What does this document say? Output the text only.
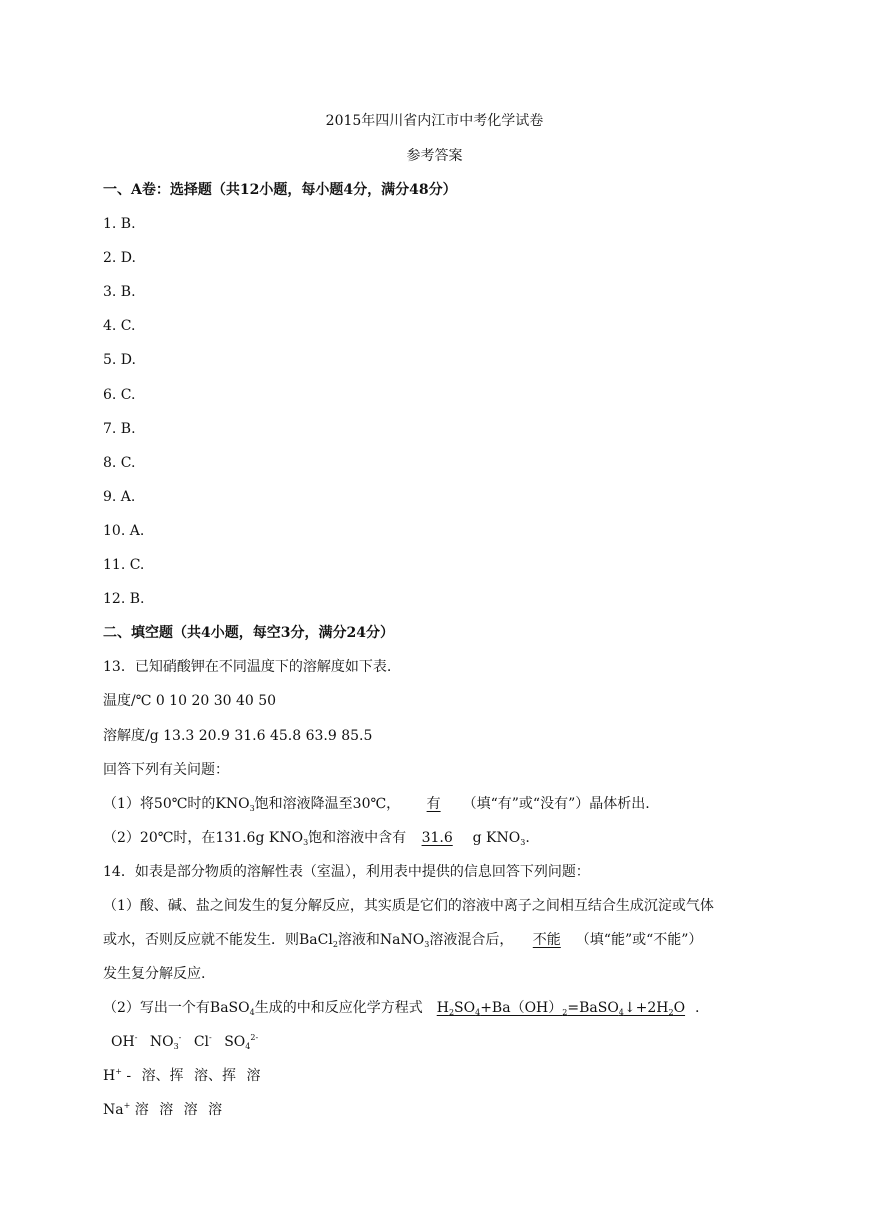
2015年四川省内江市中考化学试卷
参考答案
一、A卷：选择题（共12小题，每小题4分，满分48分）
1. B.
2. D.
3. B.
4. C.
5. D.
6. C.
7. B.
8. C.
9. A.
10. A.
11. C.
12. B.
二、填空题（共4小题，每空3分，满分24分）
13．已知硝酸钾在不同温度下的溶解度如下表.
温度/℃ 0 10 20 30 40 50
溶解度/g 13.3 20.9 31.6 45.8 63.9 85.5
回答下列有关问题：
（1）将50℃时的$KNO_3$饱和溶液降温至30℃， 有 （填“有”或“没有”）晶体析出.
（2）20℃时，在131.6g $KNO_3$饱和溶液中含有 31.6 g $KNO_3$.
14．如表是部分物质的溶解性表（室温），利用表中提供的信息回答下列问题：
（1）酸、碱、盐之间发生的复分解反应，其实质是它们的溶液中离子之间相互结合生成沉淀或气体
或水，否则反应就不能发生．则BaCl$_2$溶液和NaNO$_3$溶液混合后， 不能 （填“能”或“不能”）
发生复分解反应.
（2）写出一个有BaSO$_4$生成的中和反应化学方程式 $H_2SO_4+Ba(OH)_2=BaSO_4↓+2H_2O$ .
OH- $NO_3^-$ Cl- $SO_4^{2-}$
H+ - 溶、挥 溶、挥 溶
Na+ 溶 溶 溶 溶
